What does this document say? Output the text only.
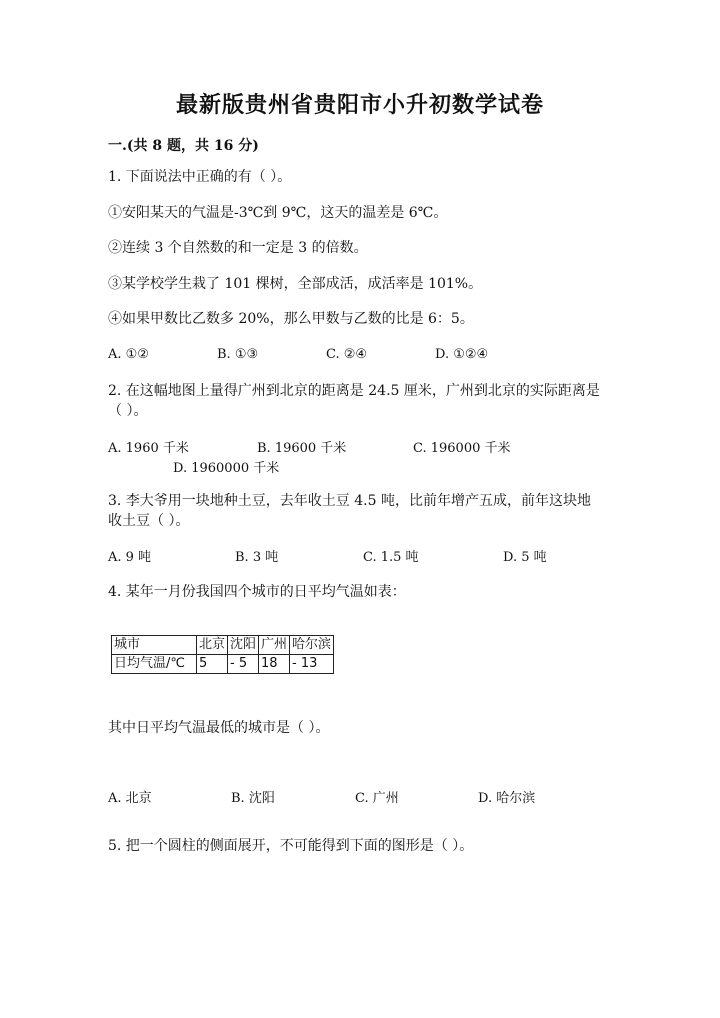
最新版贵州省贵阳市小升初数学试卷
一.(共 8 题，共 16 分)
1. 下面说法中正确的有（ ）。
①安阳某天的气温是-3℃到 9℃，这天的温差是 6℃。
②连续 3 个自然数的和一定是 3 的倍数。
③某学校学生栽了 101 棵树，全部成活，成活率是 101%。
④如果甲数比乙数多 20%，那么甲数与乙数的比是 6：5。
A. ①②	B. ①③	C. ②④	D. ①②④
2. 在这幅地图上量得广州到北京的距离是 24.5 厘米，广州到北京的实际距离是
（ ）。
A. 1960 千米	B. 19600 千米	C. 196000 千米
D. 1960000 千米
3. 李大爷用一块地种土豆，去年收土豆 4.5 吨，比前年增产五成，前年这块地
收土豆（ ）。
A. 9 吨	B. 3 吨	C. 1.5 吨	D. 5 吨
4. 某年一月份我国四个城市的日平均气温如表：
城市	北京	沈阳	广州	哈尔滨
日均气温/℃	5	- 5	18	- 13
其中日平均气温最低的城市是（ ）。
A. 北京	B. 沈阳	C. 广州	D. 哈尔滨
5. 把一个圆柱的侧面展开，不可能得到下面的图形是（ ）。
